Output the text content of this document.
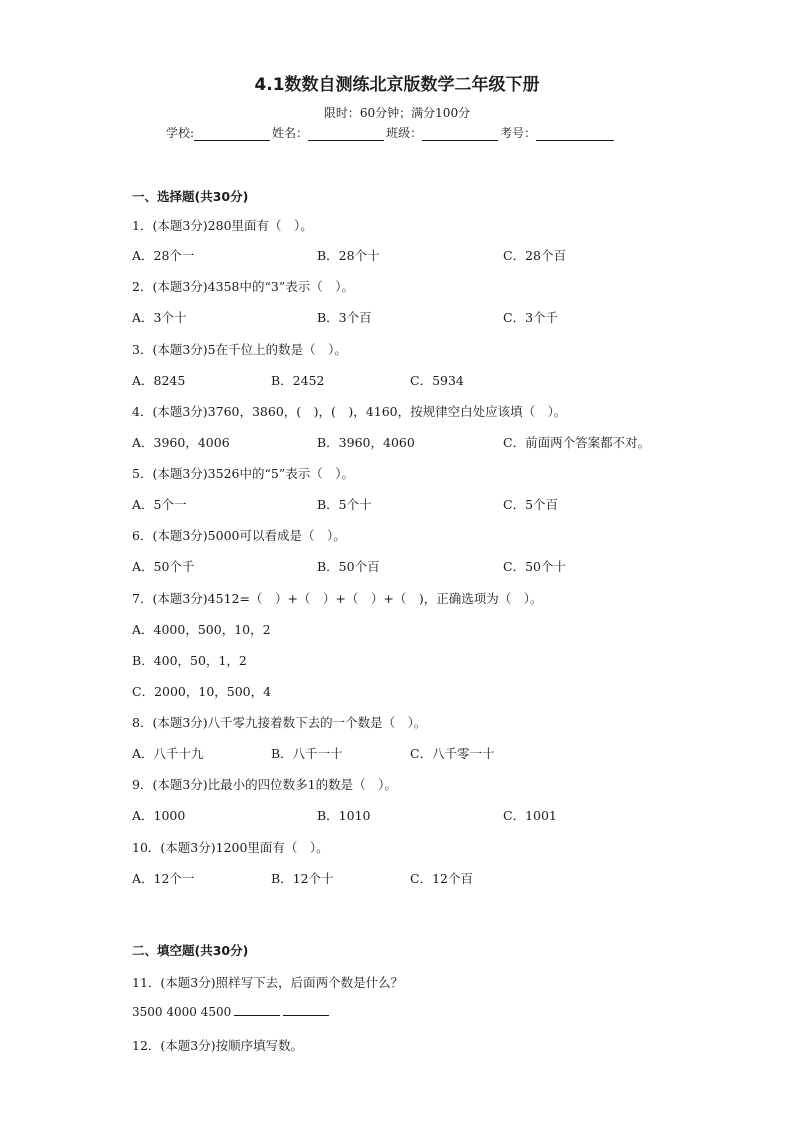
4.1数数自测练北京版数学二年级下册
限时：60分钟；满分100分
学校:	姓名：	班级：	考号：
一、选择题(共30分)
1．(本题3分)280里面有（　）。
A．28个一	B．28个十	C．28个百
2．(本题3分)4358中的“3”表示（　）。
A．3个十	B．3个百	C．3个千
3．(本题3分)5在千位上的数是（　）。
A．8245	B．2452	C．5934
4．(本题3分)3760，3860，(　)，(　)，4160，按规律空白处应该填（　）。
A．3960，4006	B．3960，4060	C．前面两个答案都不对。
5．(本题3分)3526中的“5”表示（　）。
A．5个一	B．5个十	C．5个百
6．(本题3分)5000可以看成是（　）。
A．50个千	B．50个百	C．50个十
7．(本题3分)4512=（　）+（　）+（　）+（　)，正确选项为（　）。
A．4000，500，10，2
B．400，50，1，2
C．2000，10，500，4
8．(本题3分)八千零九接着数下去的一个数是（　）。
A．八千十九	B．八千一十	C．八千零一十
9．(本题3分)比最小的四位数多1的数是（　）。
A．1000	B．1010	C．1001
10．(本题3分)1200里面有（　）。
A．12个一	B．12个十	C．12个百
二、填空题(共30分)
11．(本题3分)照样写下去，后面两个数是什么？
3500 4000 4500
12．(本题3分)按顺序填写数。
